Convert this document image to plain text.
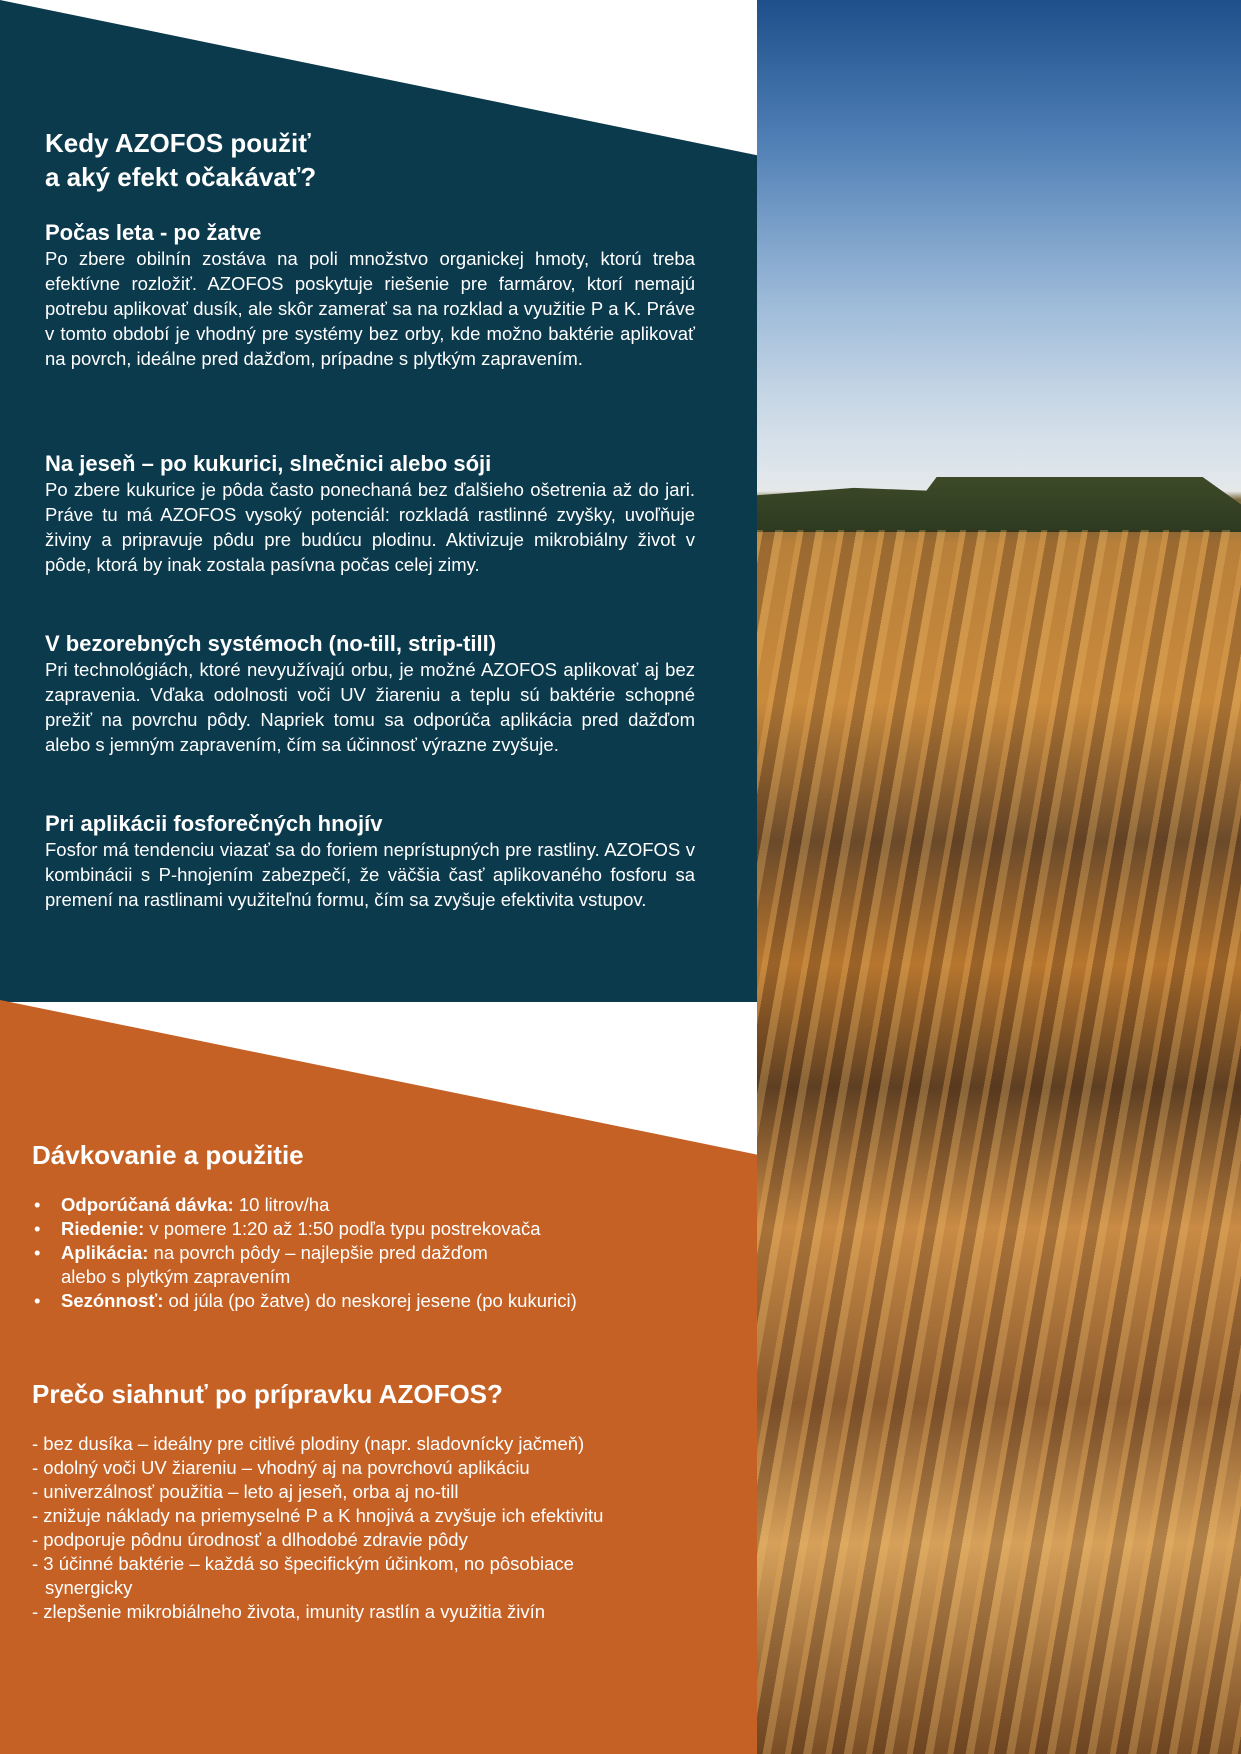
Kedy AZOFOS použiť
a aký efekt očakávať?
Počas leta - po žatve

Po zbere obilnín zostáva na poli množstvo organickej hmoty, ktorú treba efektívne rozložiť. AZOFOS poskytuje riešenie pre farmárov, ktorí nemajú potrebu aplikovať dusík, ale skôr zamerať sa na rozklad a využitie P a K. Práve v tomto období je vhodný pre systémy bez orby, kde možno baktérie aplikovať na povrch, ideálne pred dažďom, prípadne s plytkým zapravením.

Na jeseň – po kukurici, slnečnici alebo sóji

Po zbere kukurice je pôda často ponechaná bez ďalšieho ošetrenia až do jari. Práve tu má AZOFOS vysoký potenciál: rozkladá rastlinné zvyšky, uvoľňuje živiny a pripravuje pôdu pre budúcu plodinu. Aktivizuje mikrobiálny život v pôde, ktorá by inak zostala pasívna počas celej zimy.

V bezorebných systémoch (no-till, strip-till)

Pri technológiách, ktoré nevyužívajú orbu, je možné AZOFOS aplikovať aj bez zapravenia. Vďaka odolnosti voči UV žiareniu a teplu sú baktérie schopné prežiť na povrchu pôdy. Napriek tomu sa odporúča aplikácia pred dažďom alebo s jemným zapravením, čím sa účinnosť výrazne zvyšuje.

Pri aplikácii fosforečných hnojív

Fosfor má tendenciu viazať sa do foriem neprístupných pre rastliny. AZOFOS v kombinácii s P-hnojením zabezpečí, že väčšia časť aplikovaného fosforu sa premení na rastlinami využiteľnú formu, čím sa zvyšuje efektivita vstupov.

Dávkovanie a použitie
• Odporúčaná dávka: 10 litrov/ha
• Riedenie: v pomere 1:20 až 1:50 podľa typu postrekovača
• Aplikácia: na povrch pôdy – najlepšie pred dažďom alebo s plytkým zapravením
• Sezónnosť: od júla (po žatve) do neskorej jesene (po kukurici)
Prečo siahnuť po prípravku AZOFOS?
- bez dusíka – ideálny pre citlivé plodiny (napr. sladovnícky jačmeň)
- odolný voči UV žiareniu – vhodný aj na povrchovú aplikáciu
- univerzálnosť použitia – leto aj jeseň, orba aj no-till
- znižuje náklady na priemyselné P a K hnojivá a zvyšuje ich efektivitu
- podporuje pôdnu úrodnosť a dlhodobé zdravie pôdy
- 3 účinné baktérie – každá so špecifickým účinkom, no pôsobiace synergicky
- zlepšenie mikrobiálneho života, imunity rastlín a využitia živín
